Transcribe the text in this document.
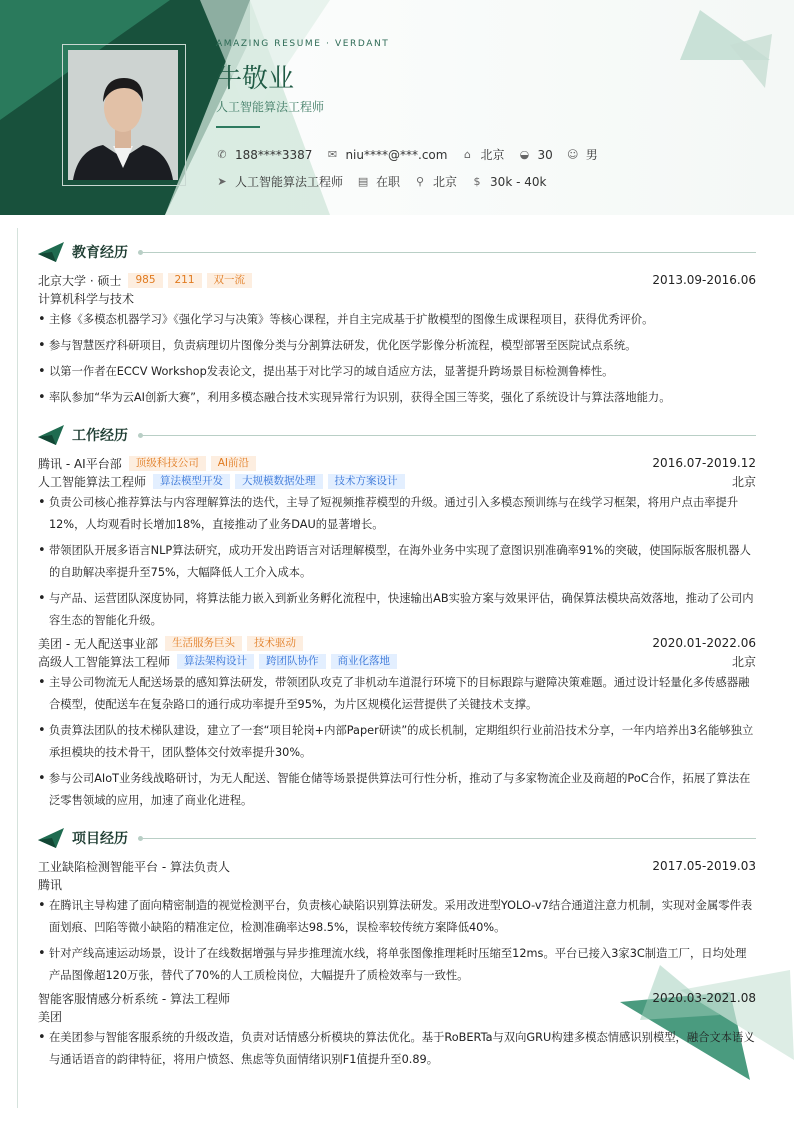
AMAZING RESUME · VERDANT
牛敬业
人工智能算法工程师
✆ 188****3387 ✉ niu****@***.com ⌂ 北京 ◒ 30 ☺ 男
➤ 人工智能算法工程师 ▤ 在职 ⚲ 北京 $ 30k - 40k
教育经历
北京大学 · 硕士	985	211	双一流	2013.09-2016.06
计算机科学与技术
• 主修《多模态机器学习》《强化学习与决策》等核心课程，并自主完成基于扩散模型的图像生成课程项目，获得优秀评价。
• 参与智慧医疗科研项目，负责病理切片图像分类与分割算法研发，优化医学影像分析流程，模型部署至医院试点系统。
• 以第一作者在ECCV Workshop发表论文，提出基于对比学习的域自适应方法，显著提升跨场景目标检测鲁棒性。
• 率队参加“华为云AI创新大赛”，利用多模态融合技术实现异常行为识别，获得全国三等奖，强化了系统设计与算法落地能力。
工作经历
腾讯 - AI平台部	顶级科技公司	AI前沿	2016.07-2019.12
人工智能算法工程师	算法模型开发	大规模数据处理	技术方案设计	北京
• 负责公司核心推荐算法与内容理解算法的迭代，主导了短视频推荐模型的升级。通过引入多模态预训练与在线学习框架，将用户点击率提升12%，人均观看时长增加18%，直接推动了业务DAU的显著增长。
• 带领团队开展多语言NLP算法研究，成功开发出跨语言对话理解模型，在海外业务中实现了意图识别准确率91%的突破，使国际版客服机器人的自助解决率提升至75%，大幅降低人工介入成本。
• 与产品、运营团队深度协同，将算法能力嵌入到新业务孵化流程中，快速输出AB实验方案与效果评估，确保算法模块高效落地，推动了公司内容生态的智能化升级。
美团 - 无人配送事业部	生活服务巨头	技术驱动	2020.01-2022.06
高级人工智能算法工程师	算法架构设计	跨团队协作	商业化落地	北京
• 主导公司物流无人配送场景的感知算法研发，带领团队攻克了非机动车道混行环境下的目标跟踪与避障决策难题。通过设计轻量化多传感器融合模型，使配送车在复杂路口的通行成功率提升至95%，为片区规模化运营提供了关键技术支撑。
• 负责算法团队的技术梯队建设，建立了一套“项目轮岗+内部Paper研读”的成长机制，定期组织行业前沿技术分享，一年内培养出3名能够独立承担模块的技术骨干，团队整体交付效率提升30%。
• 参与公司AIoT业务线战略研讨，为无人配送、智能仓储等场景提供算法可行性分析，推动了与多家物流企业及商超的PoC合作，拓展了算法在泛零售领域的应用，加速了商业化进程。
项目经历
工业缺陷检测智能平台 - 算法负责人	2017.05-2019.03
腾讯
• 在腾讯主导构建了面向精密制造的视觉检测平台，负责核心缺陷识别算法研发。采用改进型YOLO-v7结合通道注意力机制，实现对金属零件表面划痕、凹陷等微小缺陷的精准定位，检测准确率达98.5%，误检率较传统方案降低40%。
• 针对产线高速运动场景，设计了在线数据增强与异步推理流水线，将单张图像推理耗时压缩至12ms。平台已接入3家3C制造工厂，日均处理产品图像超120万张，替代了70%的人工质检岗位，大幅提升了质检效率与一致性。
智能客服情感分析系统 - 算法工程师	2020.03-2021.08
美团
• 在美团参与智能客服系统的升级改造，负责对话情感分析模块的算法优化。基于RoBERTa与双向GRU构建多模态情感识别模型，融合文本语义与通话语音的韵律特征，将用户愤怒、焦虑等负面情绪识别F1值提升至0.89。
